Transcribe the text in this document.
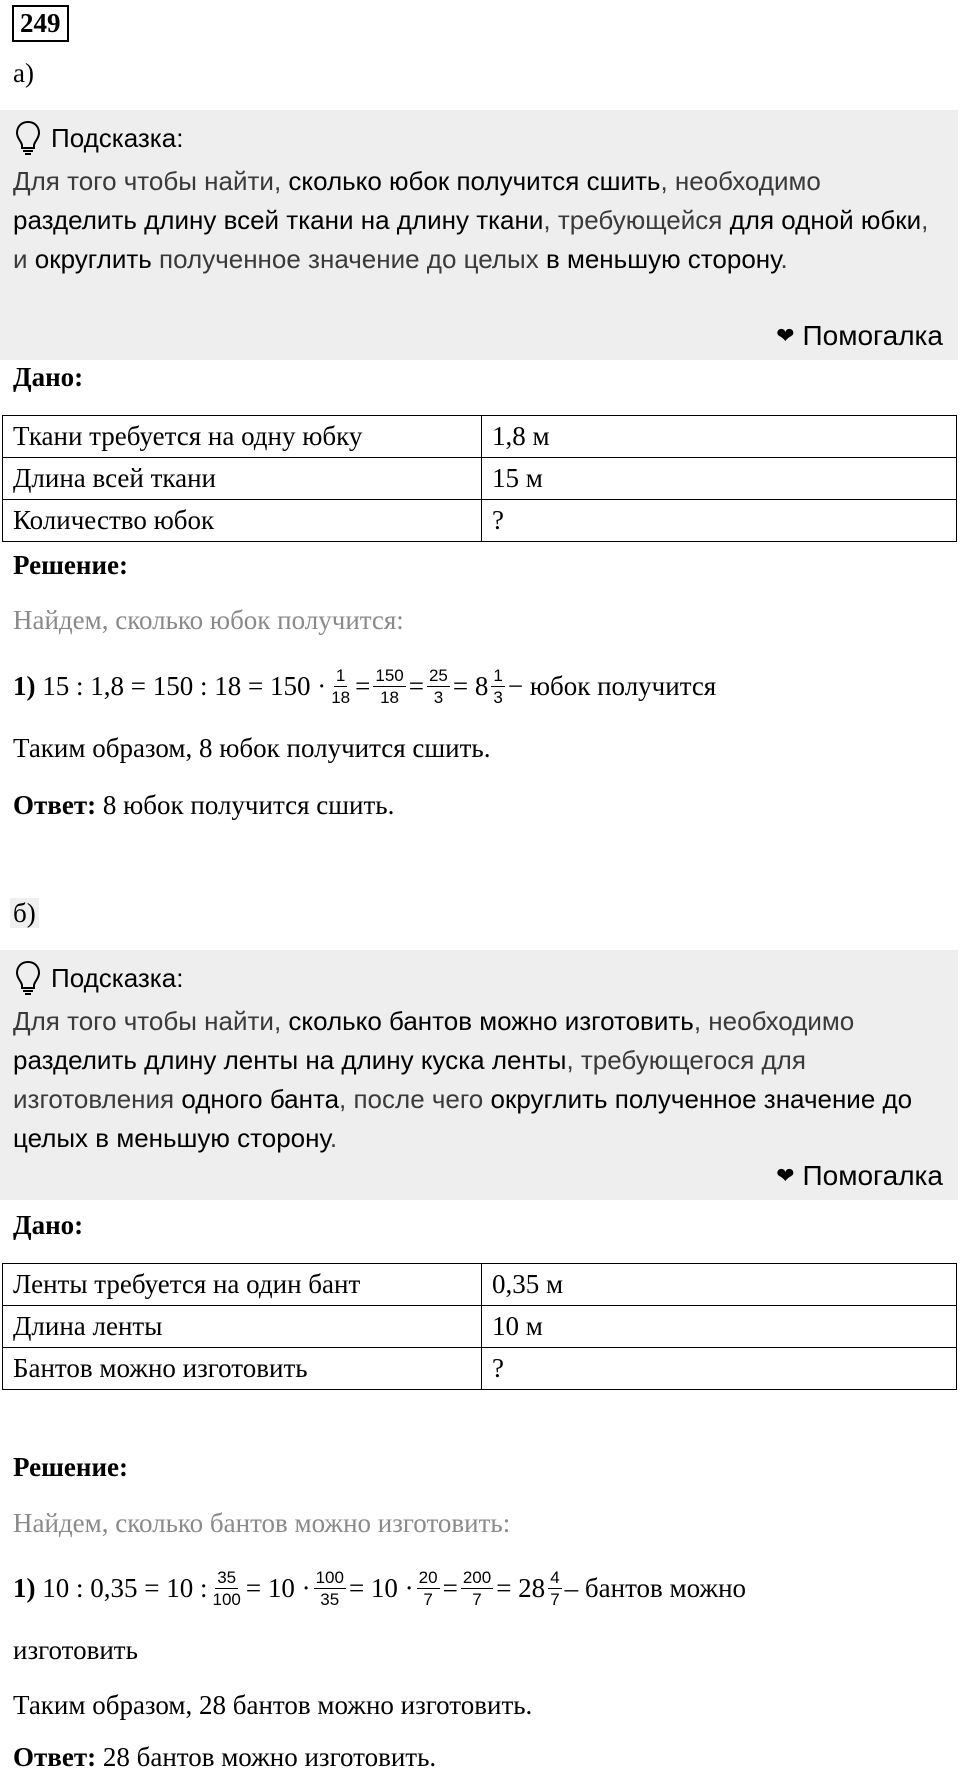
249
а)
Подсказка:
Для того чтобы найти, сколько юбок получится сшить, необходимо разделить длину всей ткани на длину ткани, требующейся для одной юбки, и округлить полученное значение до целых в меньшую сторону.
❤ Помогалка
Дано:
Ткани требуется на одну юбку	1,8 м
Длина всей ткани	15 м
Количество юбок	?
Решение:
Найдем, сколько юбок получится:
1)
15 : 1,8 = 150 : $18 = 150 \cdot \frac{1}{18} = \frac{150}{18} = \frac{25}{3} = 8 \frac{1}{3}$ − юбок получится
Таким образом, 8 юбок получится сшить.
Ответ: 8 юбок получится сшить.
б)
Подсказка:
Для того чтобы найти, сколько бантов можно изготовить, необходимо разделить длину ленты на длину куска ленты, требующегося для изготовления одного банта, после чего округлить полученное значение до целых в меньшую сторону.
❤ Помогалка
Дано:
Ленты требуется на один бант	0,35 м
Длина ленты	10 м
Бантов можно изготовить	?
Решение:
Найдем, сколько бантов можно изготовить:
1)
10 : 0,35 = 10 : $\frac{35}{100} = 10 \cdot \frac{100}{35} = 10 \cdot \frac{20}{7} = \frac{200}{7} = 28 \frac{4}{7}$ – бантов можно
изготовить
Таким образом, 28 бантов можно изготовить.
Ответ: 28 бантов можно изготовить.
